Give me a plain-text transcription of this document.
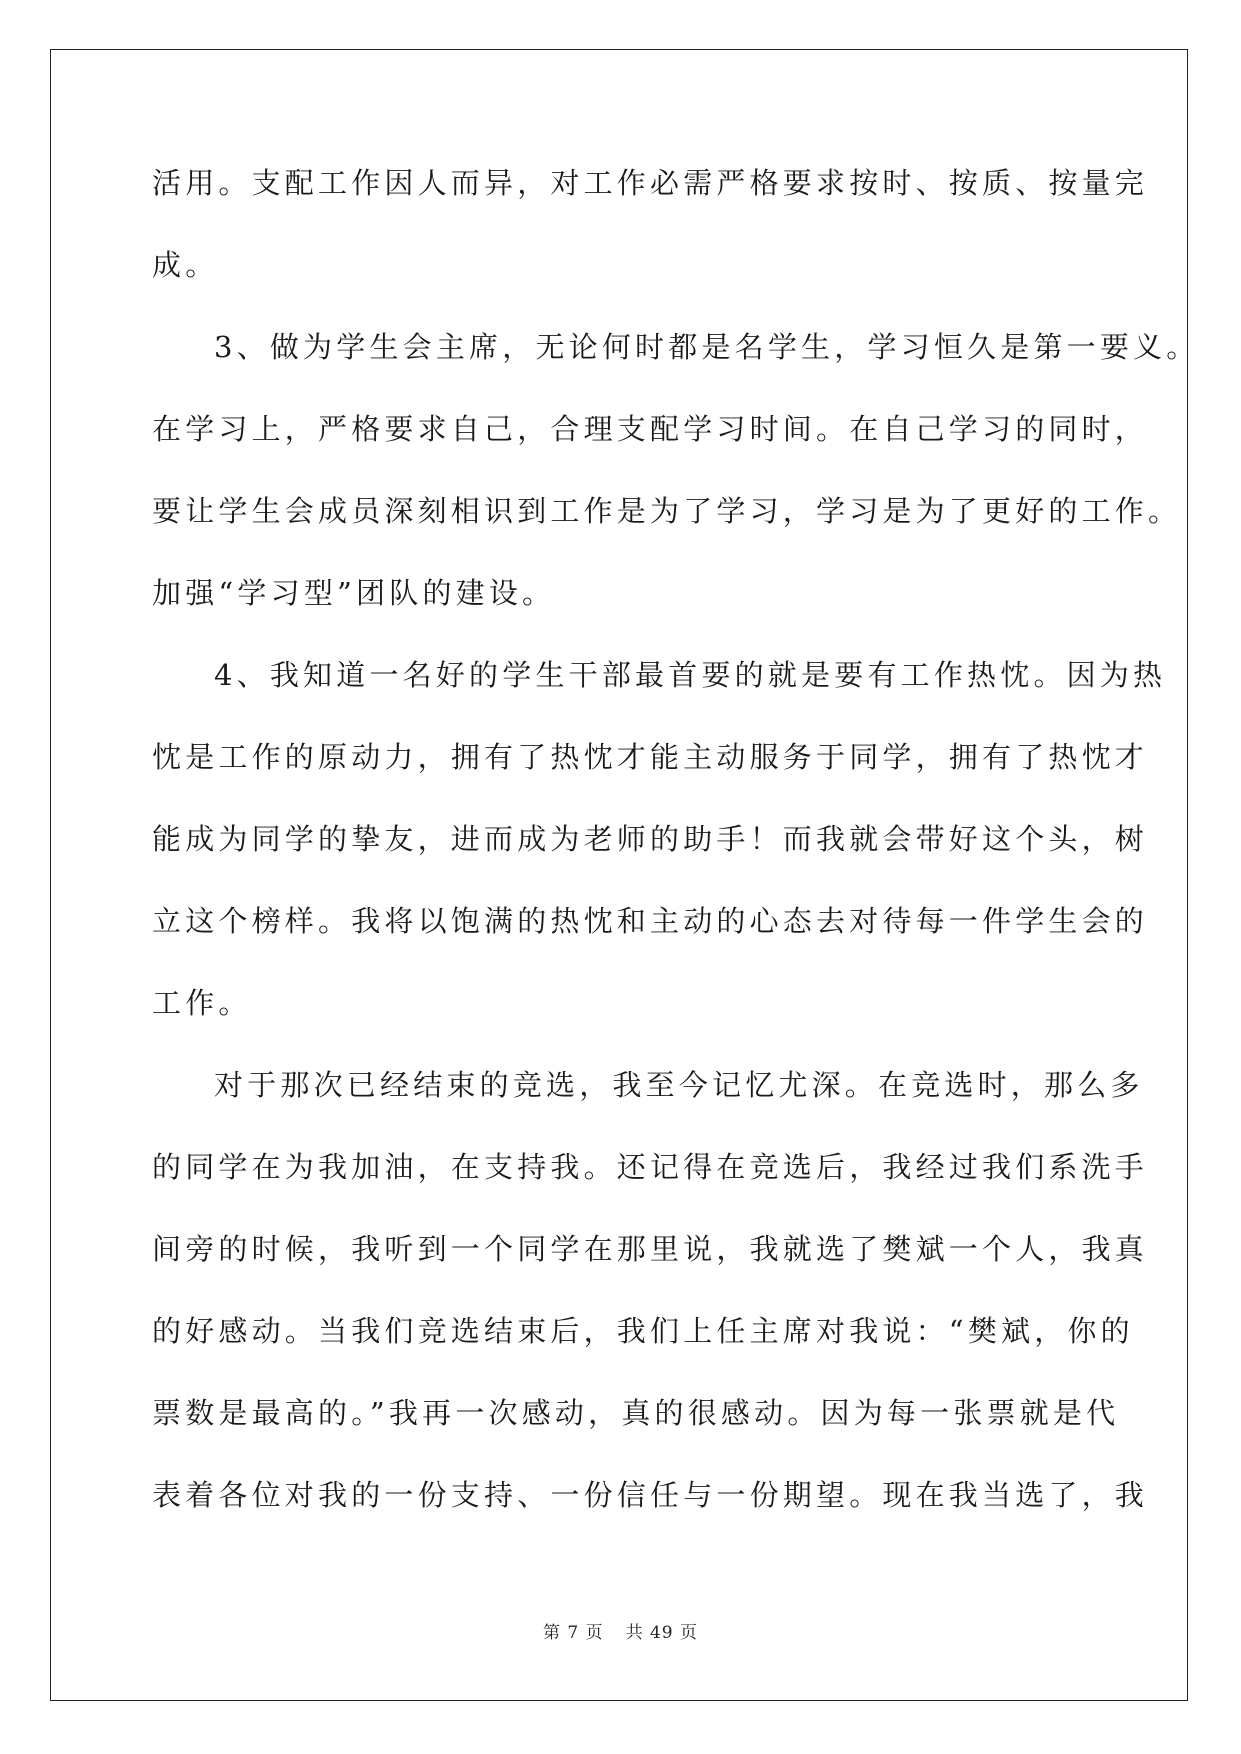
活用。支配工作因人而异，对工作必需严格要求按时、按质、按量完
成。
3、做为学生会主席，无论何时都是名学生，学习恒久是第一要义。
在学习上，严格要求自己，合理支配学习时间。在自己学习的同时，
要让学生会成员深刻相识到工作是为了学习，学习是为了更好的工作。
加强“学习型”团队的建设。
4、我知道一名好的学生干部最首要的就是要有工作热忱。因为热
忱是工作的原动力，拥有了热忱才能主动服务于同学，拥有了热忱才
能成为同学的挚友，进而成为老师的助手！而我就会带好这个头，树
立这个榜样。我将以饱满的热忱和主动的心态去对待每一件学生会的
工作。
对于那次已经结束的竞选，我至今记忆尤深。在竞选时，那么多
的同学在为我加油，在支持我。还记得在竞选后，我经过我们系洗手
间旁的时候，我听到一个同学在那里说，我就选了樊斌一个人，我真
的好感动。当我们竞选结束后，我们上任主席对我说：“樊斌，你的
票数是最高的。”我再一次感动，真的很感动。因为每一张票就是代
表着各位对我的一份支持、一份信任与一份期望。现在我当选了，我
第 7 页 共 49 页
